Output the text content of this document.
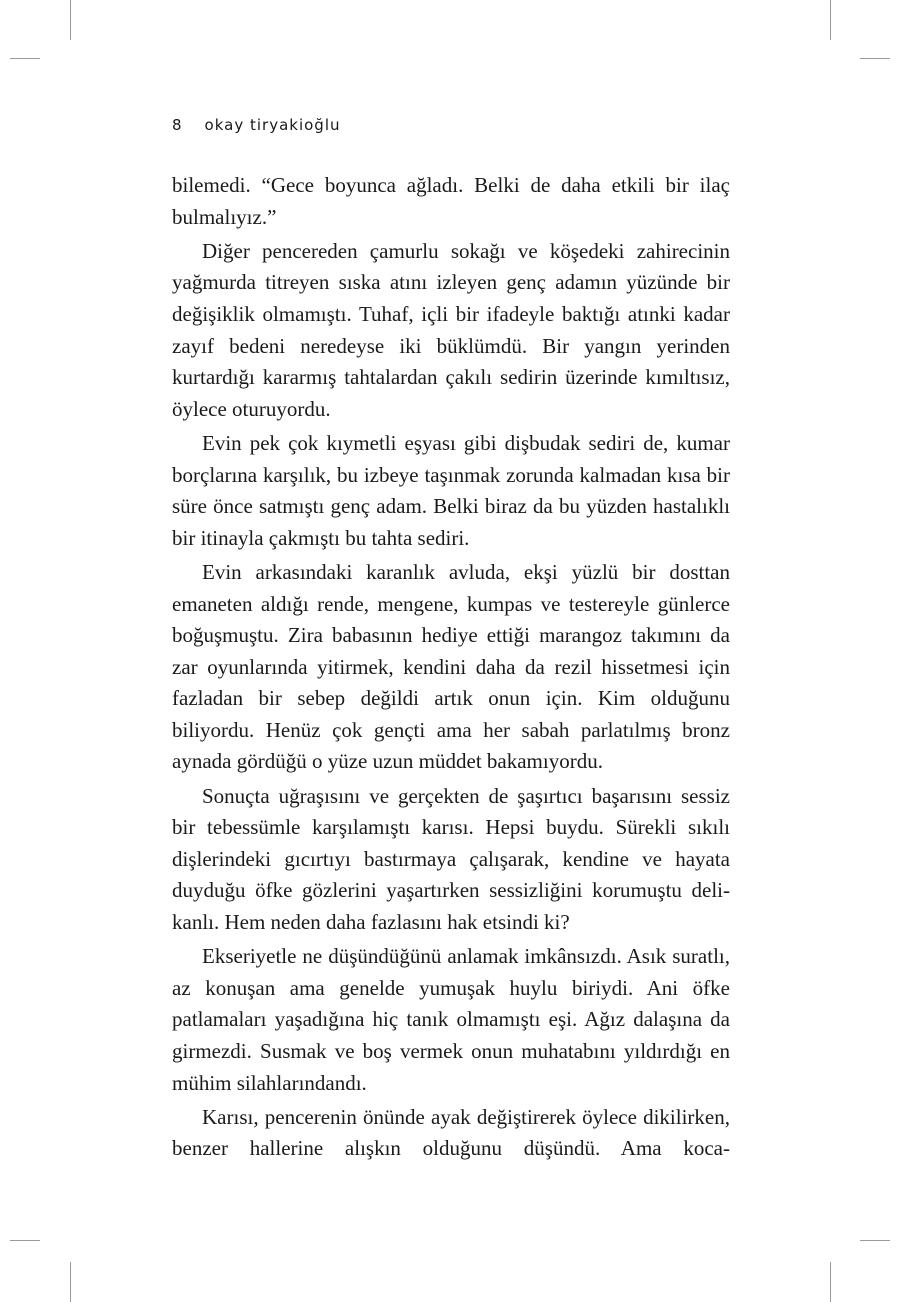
8 okay tiryakioğlu

bilemedi. “Gece boyunca ağladı. Belki de daha etkili bir ilaç bulmalıyız.”

Diğer pencereden çamurlu sokağı ve köşedeki zahirecinin yağmurda titreyen sıska atını izleyen genç adamın yüzünde bir değişiklik olmamıştı. Tuhaf, içli bir ifadeyle baktığı atınki kadar zayıf bedeni neredeyse iki büklümdü. Bir yangın yerinden kurtardığı kararmış tahtalardan çakılı sedirin üzerinde kımıltısız, öylece oturuyordu.

Evin pek çok kıymetli eşyası gibi dişbudak sediri de, kumar borçlarına karşılık, bu izbeye taşınmak zorunda kalmadan kısa bir süre önce satmıştı genç adam. Belki biraz da bu yüzden hastalıklı bir itinayla çakmıştı bu tahta sediri.

Evin arkasındaki karanlık avluda, ekşi yüzlü bir dosttan emaneten aldığı rende, mengene, kumpas ve testereyle günlerce boğuşmuştu. Zira babasının hediye ettiği marangoz takımını da zar oyunlarında yitirmek, kendini daha da rezil hissetmesi için fazladan bir sebep değildi artık onun için. Kim olduğunu biliyordu. Henüz çok gençti ama her sabah parlatılmış bronz aynada gördüğü o yüze uzun müddet bakamıyordu.

Sonuçta uğraşısını ve gerçekten de şaşırtıcı başarısını sessiz bir tebessümle karşılamıştı karısı. Hepsi buydu. Sürekli sıkılı dişlerindeki gıcırtıyı bastırmaya çalışarak, kendine ve hayata duyduğu öfke gözlerini yaşartırken sessizliğini korumuştu delikanlı. Hem neden daha fazlasını hak etsindi ki?

Ekseriyetle ne düşündüğünü anlamak imkânsızdı. Asık suratlı, az konuşan ama genelde yumuşak huylu biriydi. Ani öfke patlamaları yaşadığına hiç tanık olmamıştı eşi. Ağız dalaşına da girmezdi. Susmak ve boş vermek onun muhatabını yıldırdığı en mühim silahlarındandı.

Karısı, pencerenin önünde ayak değiştirerek öylece dikilirken, benzer hallerine alışkın olduğunu düşündü. Ama koca-
